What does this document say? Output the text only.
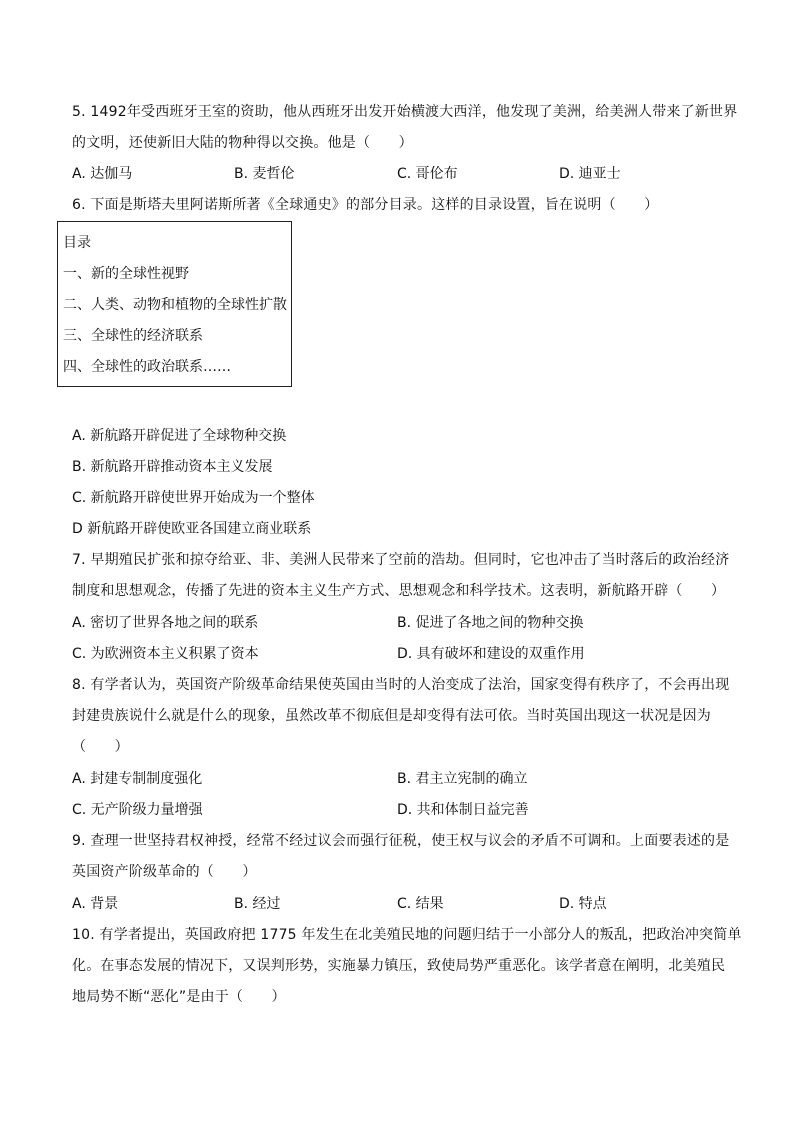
5. 1492年受西班牙王室的资助，他从西班牙出发开始横渡大西洋，他发现了美洲，给美洲人带来了新世界
的文明，还使新旧大陆的物种得以交换。他是（　　）
A. 达伽马	B. 麦哲伦	C. 哥伦布	D. 迪亚士
6. 下面是斯塔夫里阿诺斯所著《全球通史》的部分目录。这样的目录设置，旨在说明（　　）
目录
一、新的全球性视野
二、人类、动物和植物的全球性扩散
三、全球性的经济联系
四、全球性的政治联系……
A. 新航路开辟促进了全球物种交换
B. 新航路开辟推动资本主义发展
C. 新航路开辟使世界开始成为一个整体
D 新航路开辟使欧亚各国建立商业联系
7. 早期殖民扩张和掠夺给亚、非、美洲人民带来了空前的浩劫。但同时，它也冲击了当时落后的政治经济
制度和思想观念，传播了先进的资本主义生产方式、思想观念和科学技术。这表明，新航路开辟（　　）
A. 密切了世界各地之间的联系	B. 促进了各地之间的物种交换
C. 为欧洲资本主义积累了资本	D. 具有破坏和建设的双重作用
8. 有学者认为，英国资产阶级革命结果使英国由当时的人治变成了法治，国家变得有秩序了，不会再出现
封建贵族说什么就是什么的现象，虽然改革不彻底但是却变得有法可依。当时英国出现这一状况是因为
（　　）
A. 封建专制制度强化	B. 君主立宪制的确立
C. 无产阶级力量增强	D. 共和体制日益完善
9. 查理一世坚持君权神授，经常不经过议会而强行征税，使王权与议会的矛盾不可调和。上面要表述的是
英国资产阶级革命的（　　）
A. 背景	B. 经过	C. 结果	D. 特点
10. 有学者提出，英国政府把 1775 年发生在北美殖民地的问题归结于一小部分人的叛乱，把政治冲突简单
化。在事态发展的情况下，又误判形势，实施暴力镇压，致使局势严重恶化。该学者意在阐明，北美殖民
地局势不断“恶化”是由于（　　）
